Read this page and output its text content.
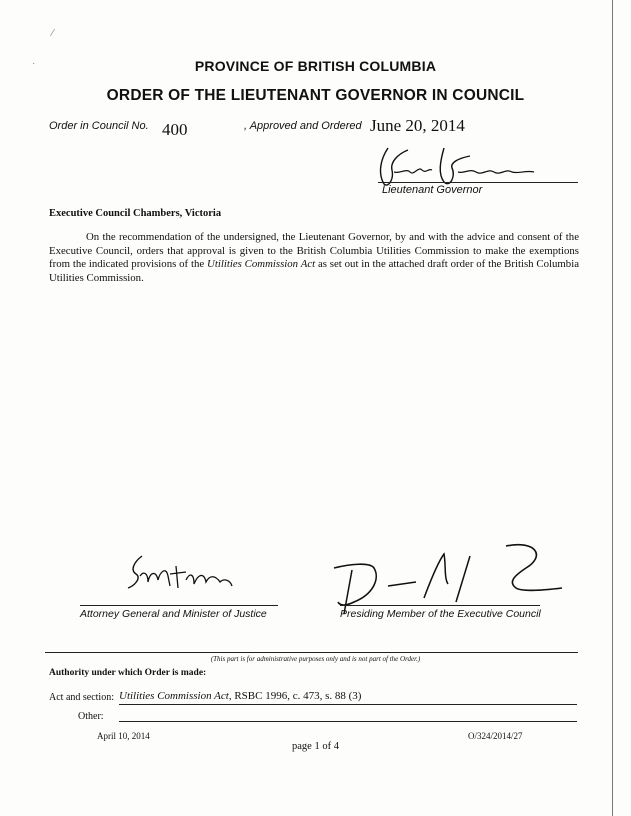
⁄
·	PROVINCE OF BRITISH COLUMBIA
ORDER OF THE LIEUTENANT GOVERNOR IN COUNCIL
Order in Council No. 400	, Approved and Ordered June 20, 2014
Lieutenant Governor
Executive Council Chambers, Victoria

On the recommendation of the undersigned, the Lieutenant Governor, by and with the advice and consent of the Executive Council, orders that approval is given to the British Columbia Utilities Commission to make the exemptions from the indicated provisions of the Utilities Commission Act as set out in the attached draft order of the British Columbia Utilities Commission.

Attorney General and Minister of Justice	Presiding Member of the Executive Council
(This part is for administrative purposes only and is not part of the Order.)
Authority under which Order is made:
Act and section: Utilities Commission Act, RSBC 1996, c. 473, s. 88 (3)
Other:
April 10, 2014	O/324/2014/27
page 1 of 4
